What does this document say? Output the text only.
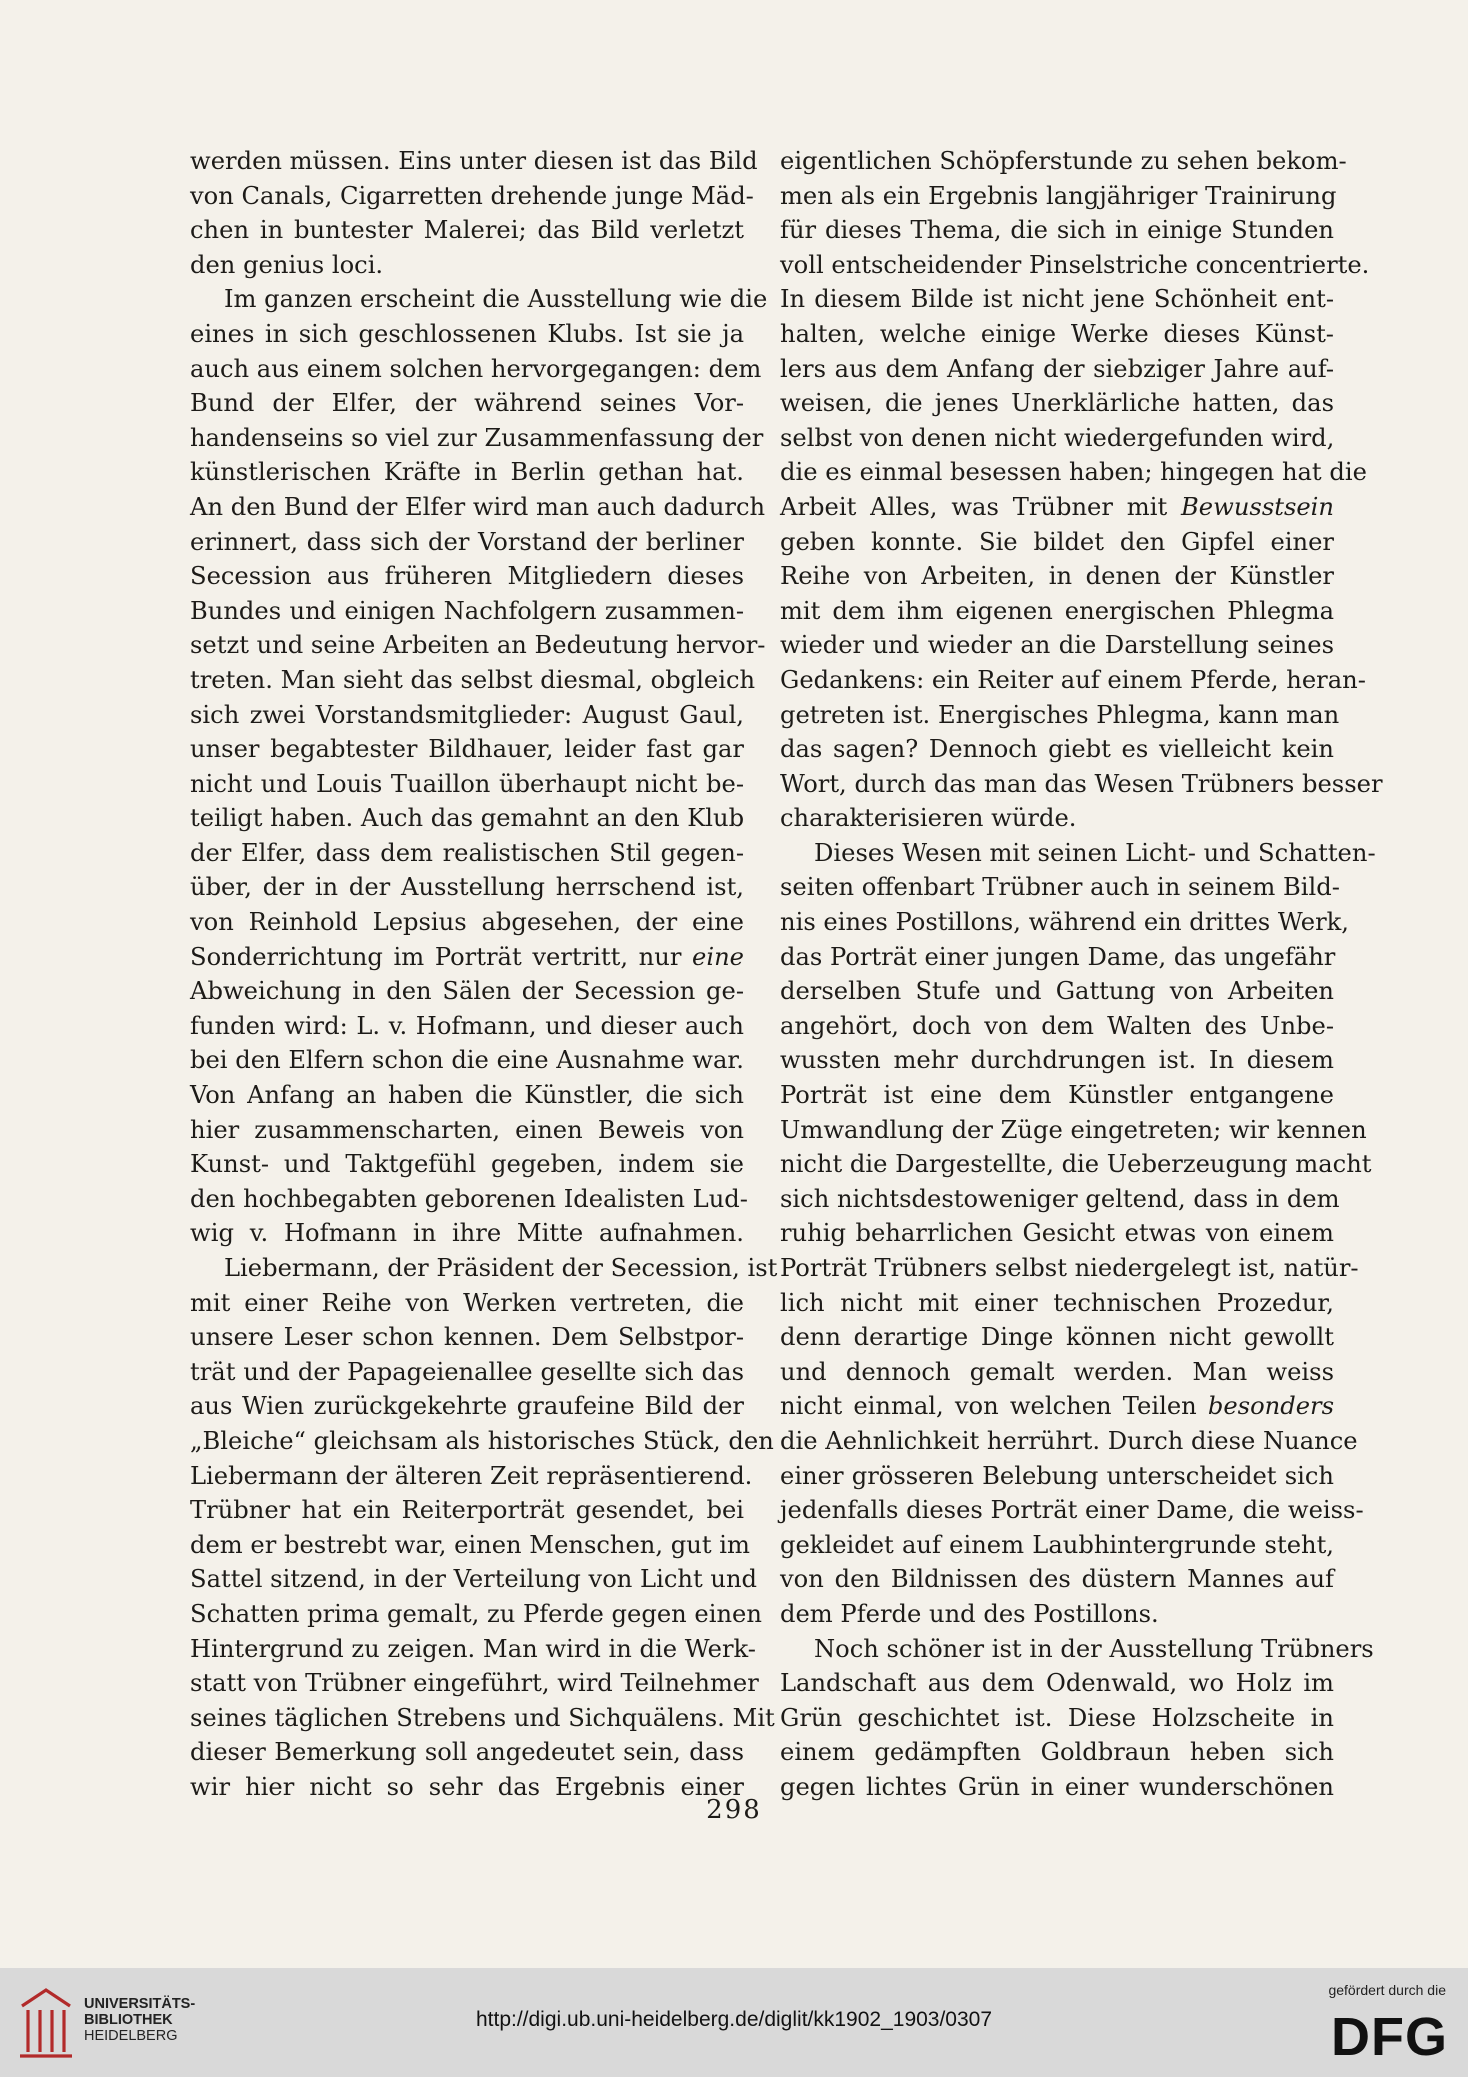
werden müssen. Eins unter diesen ist das Bild
von Canals, Cigarretten drehende junge Mäd-
chen in buntester Malerei; das Bild verletzt
den genius loci.
Im ganzen erscheint die Ausstellung wie die
eines in sich geschlossenen Klubs. Ist sie ja
auch aus einem solchen hervorgegangen: dem
Bund der Elfer, der während seines Vor-
handenseins so viel zur Zusammenfassung der
künstlerischen Kräfte in Berlin gethan hat.
An den Bund der Elfer wird man auch dadurch
erinnert, dass sich der Vorstand der berliner
Secession aus früheren Mitgliedern dieses
Bundes und einigen Nachfolgern zusammen-
setzt und seine Arbeiten an Bedeutung hervor-
treten. Man sieht das selbst diesmal, obgleich
sich zwei Vorstandsmitglieder: August Gaul,
unser begabtester Bildhauer, leider fast gar
nicht und Louis Tuaillon überhaupt nicht be-
teiligt haben. Auch das gemahnt an den Klub
der Elfer, dass dem realistischen Stil gegen-
über, der in der Ausstellung herrschend ist,
von Reinhold Lepsius abgesehen, der eine
Sonderrichtung im Porträt vertritt, nur eine
Abweichung in den Sälen der Secession ge-
funden wird: L. v. Hofmann, und dieser auch
bei den Elfern schon die eine Ausnahme war.
Von Anfang an haben die Künstler, die sich
hier zusammenscharten, einen Beweis von
Kunst- und Taktgefühl gegeben, indem sie
den hochbegabten geborenen Idealisten Lud-
wig v. Hofmann in ihre Mitte aufnahmen.
Liebermann, der Präsident der Secession, ist
mit einer Reihe von Werken vertreten, die
unsere Leser schon kennen. Dem Selbstpor-
trät und der Papageienallee gesellte sich das
aus Wien zurückgekehrte graufeine Bild der
„Bleiche“ gleichsam als historisches Stück, den
Liebermann der älteren Zeit repräsentierend.
Trübner hat ein Reiterporträt gesendet, bei
dem er bestrebt war, einen Menschen, gut im
Sattel sitzend, in der Verteilung von Licht und
Schatten prima gemalt, zu Pferde gegen einen
Hintergrund zu zeigen. Man wird in die Werk-
statt von Trübner eingeführt, wird Teilnehmer
seines täglichen Strebens und Sichquälens. Mit
dieser Bemerkung soll angedeutet sein, dass
wir hier nicht so sehr das Ergebnis einer
eigentlichen Schöpferstunde zu sehen bekom-
men als ein Ergebnis langjähriger Trainirung
für dieses Thema, die sich in einige Stunden
voll entscheidender Pinselstriche concentrierte.
In diesem Bilde ist nicht jene Schönheit ent-
halten, welche einige Werke dieses Künst-
lers aus dem Anfang der siebziger Jahre auf-
weisen, die jenes Unerklärliche hatten, das
selbst von denen nicht wiedergefunden wird,
die es einmal besessen haben; hingegen hat die
Arbeit Alles, was Trübner mit Bewusstsein
geben konnte. Sie bildet den Gipfel einer
Reihe von Arbeiten, in denen der Künstler
mit dem ihm eigenen energischen Phlegma
wieder und wieder an die Darstellung seines
Gedankens: ein Reiter auf einem Pferde, heran-
getreten ist. Energisches Phlegma, kann man
das sagen? Dennoch giebt es vielleicht kein
Wort, durch das man das Wesen Trübners besser
charakterisieren würde.
Dieses Wesen mit seinen Licht- und Schatten-
seiten offenbart Trübner auch in seinem Bild-
nis eines Postillons, während ein drittes Werk,
das Porträt einer jungen Dame, das ungefähr
derselben Stufe und Gattung von Arbeiten
angehört, doch von dem Walten des Unbe-
wussten mehr durchdrungen ist. In diesem
Porträt ist eine dem Künstler entgangene
Umwandlung der Züge eingetreten; wir kennen
nicht die Dargestellte, die Ueberzeugung macht
sich nichtsdestoweniger geltend, dass in dem
ruhig beharrlichen Gesicht etwas von einem
Porträt Trübners selbst niedergelegt ist, natür-
lich nicht mit einer technischen Prozedur,
denn derartige Dinge können nicht gewollt
und dennoch gemalt werden. Man weiss
nicht einmal, von welchen Teilen besonders
die Aehnlichkeit herrührt. Durch diese Nuance
einer grösseren Belebung unterscheidet sich
jedenfalls dieses Porträt einer Dame, die weiss-
gekleidet auf einem Laubhintergrunde steht,
von den Bildnissen des düstern Mannes auf
dem Pferde und des Postillons.
Noch schöner ist in der Ausstellung Trübners
Landschaft aus dem Odenwald, wo Holz im
Grün geschichtet ist. Diese Holzscheite in
einem gedämpften Goldbraun heben sich
gegen lichtes Grün in einer wunderschönen
298
UNIVERSITÄTS-
BIBLIOTHEK
HEIDELBERG
http://digi.ub.uni-heidelberg.de/diglit/kk1902_1903/0307
gefördert durch die
DFG
